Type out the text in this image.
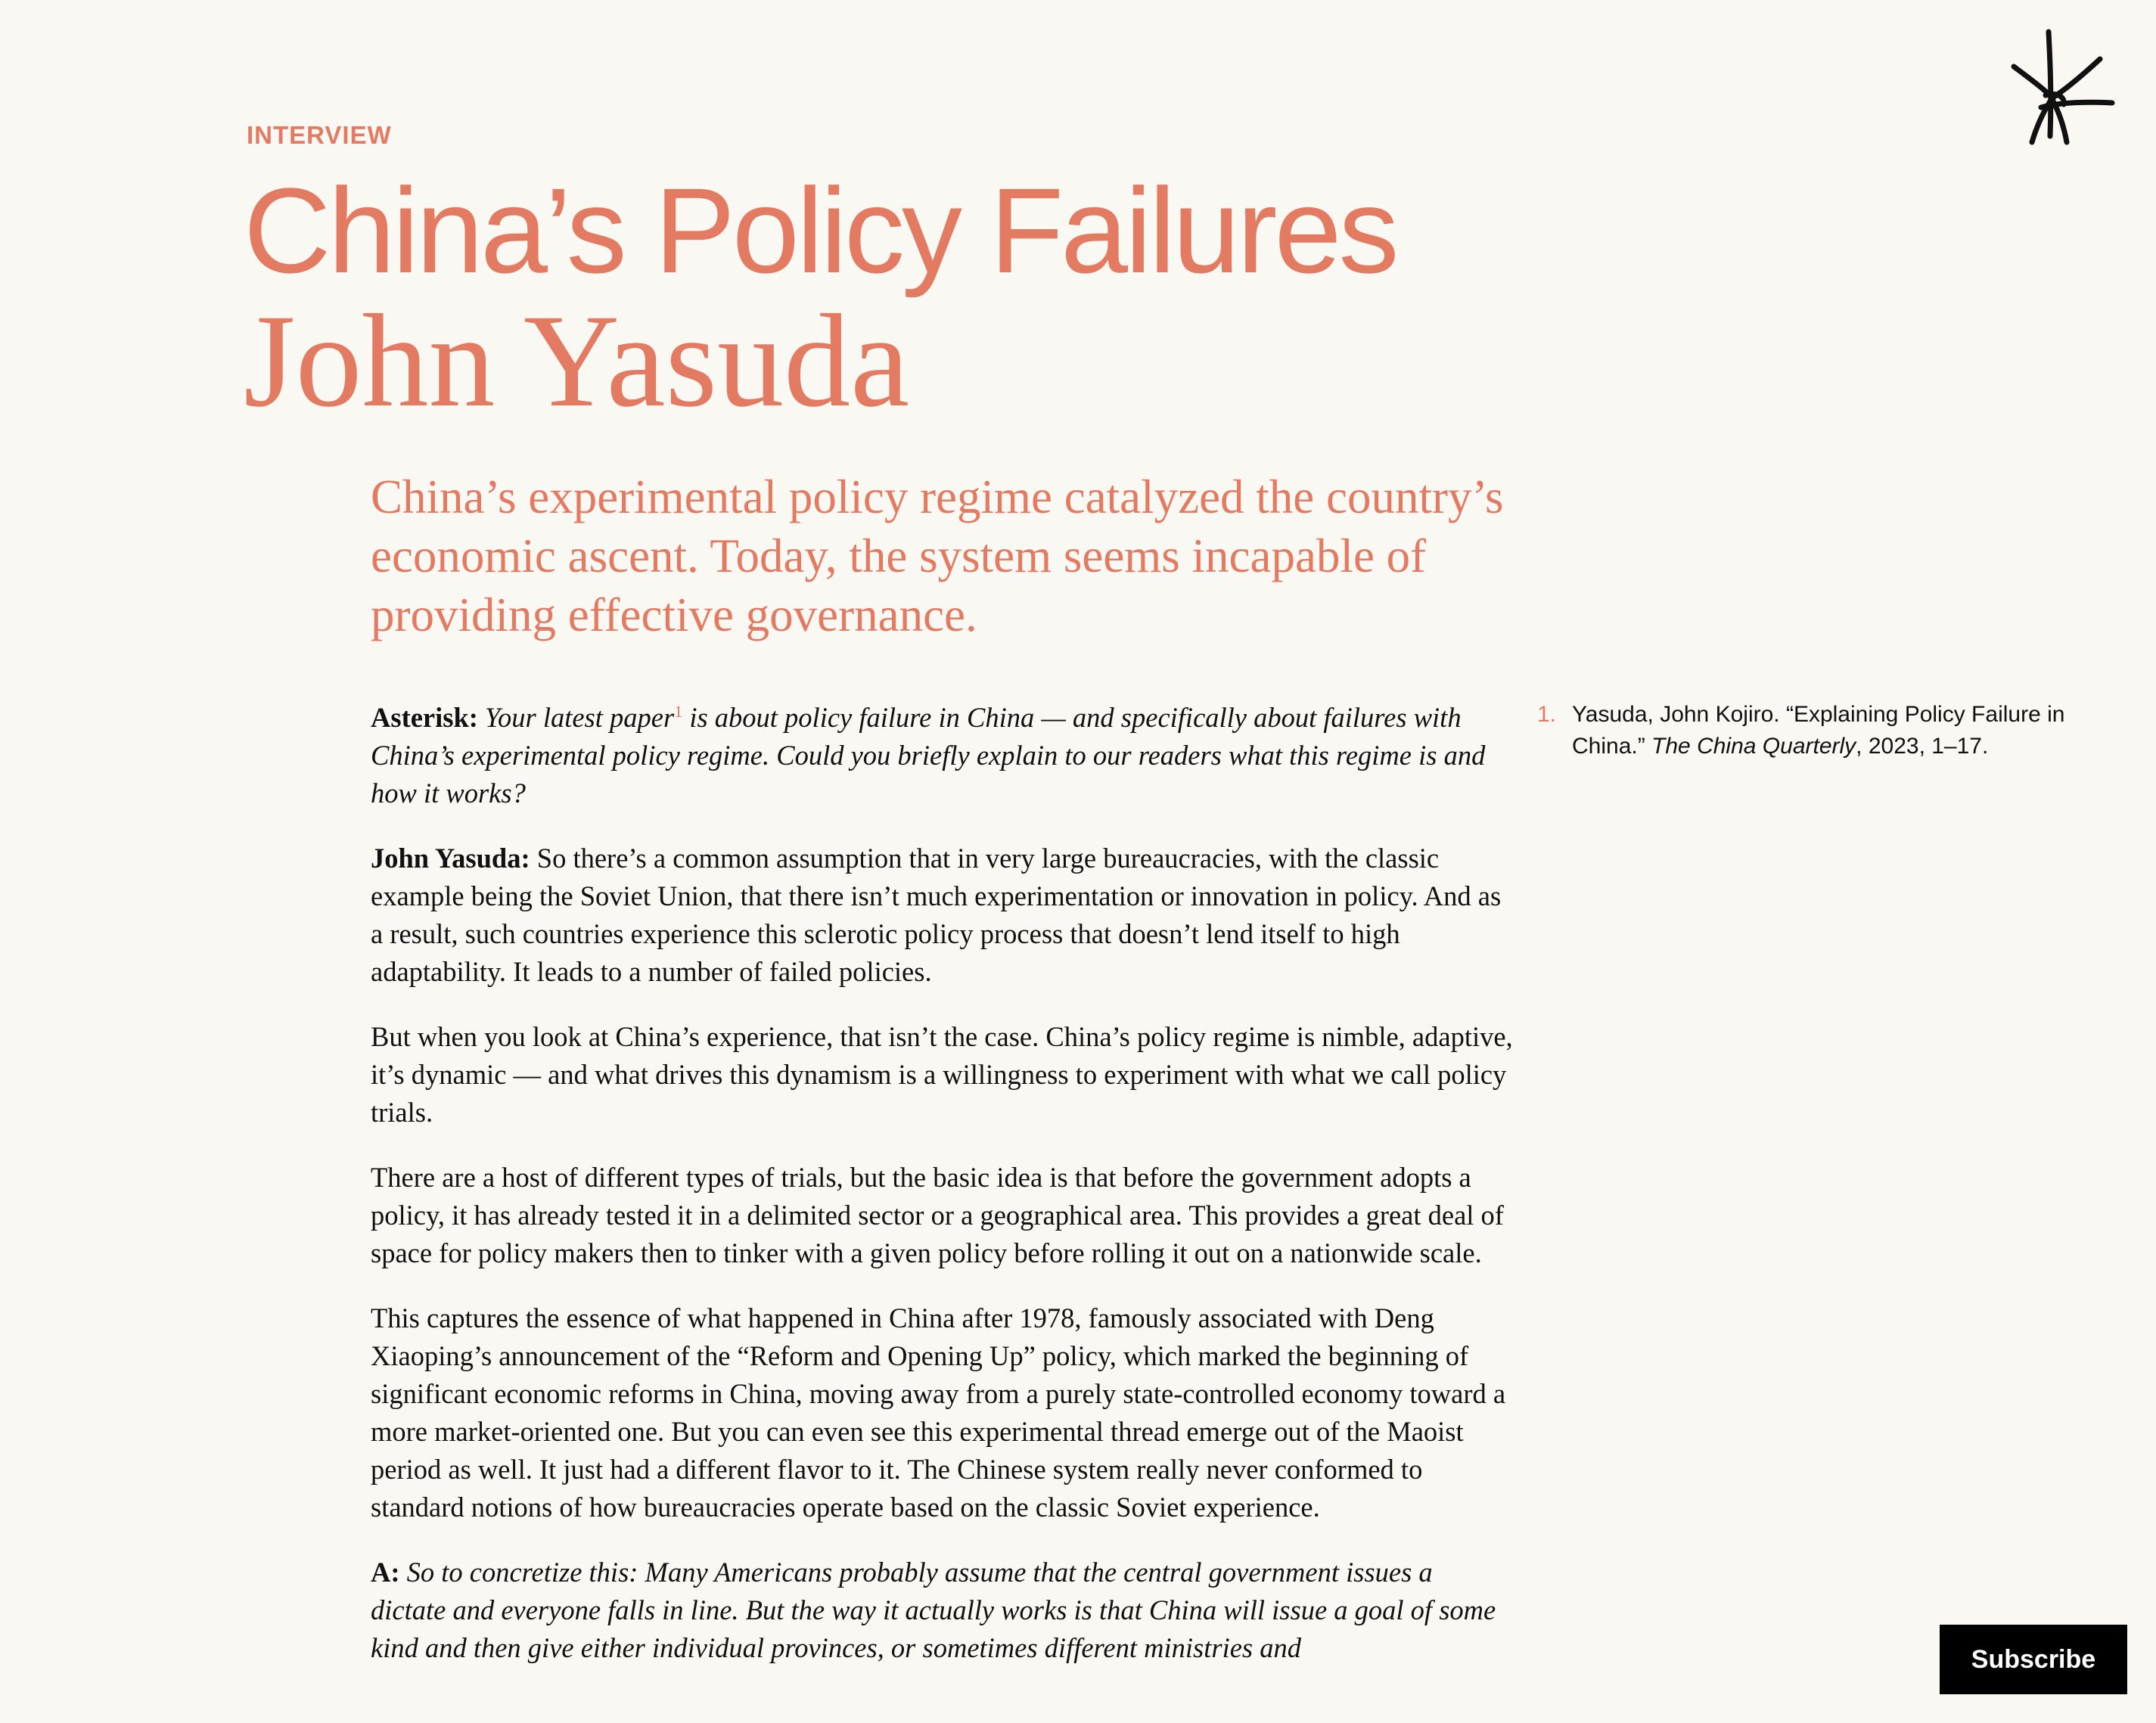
INTERVIEW
China’s Policy Failures
John Yasuda
China’s experimental policy regime catalyzed the country’s economic ascent. Today, the system seems incapable of providing effective governance.

Asterisk: Your latest paper$^1$ is about policy failure in China — and specifically about failures with China’s experimental policy regime. Could you briefly explain to our readers what this regime is and how it works?

John Yasuda: So there’s a common assumption that in very large bureaucracies, with the classic example being the Soviet Union, that there isn’t much experimentation or innovation in policy. And as a result, such countries experience this sclerotic policy process that doesn’t lend itself to high adaptability. It leads to a number of failed policies.

But when you look at China’s experience, that isn’t the case. China’s policy regime is nimble, adaptive, it’s dynamic — and what drives this dynamism is a willingness to experiment with what we call policy trials.

There are a host of different types of trials, but the basic idea is that before the government adopts a policy, it has already tested it in a delimited sector or a geographical area. This provides a great deal of space for policy makers then to tinker with a given policy before rolling it out on a nationwide scale.

This captures the essence of what happened in China after 1978, famously associated with Deng Xiaoping’s announcement of the “Reform and Opening Up” policy, which marked the beginning of significant economic reforms in China, moving away from a purely state-controlled economy toward a more market-oriented one. But you can even see this experimental thread emerge out of the Maoist period as well. It just had a different flavor to it. The Chinese system really never conformed to standard notions of how bureaucracies operate based on the classic Soviet experience.

A: So to concretize this: Many Americans probably assume that the central government issues a dictate and everyone falls in line. But the way it actually works is that China will issue a goal of some kind and then give either individual provinces, or sometimes different ministries and

1. Yasuda, John Kojiro. “Explaining Policy Failure in China.” The China Quarterly, 2023, 1–17.
Subscribe
